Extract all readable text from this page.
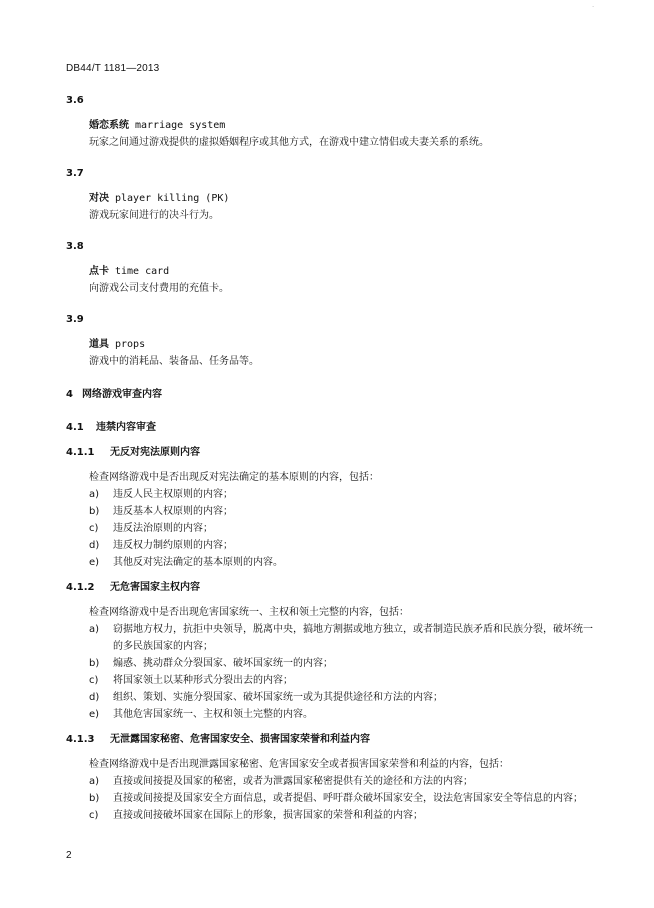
·
DB44/T 1181—2013
3.6
婚恋系统 marriage system
玩家之间通过游戏提供的虚拟婚姻程序或其他方式，在游戏中建立情侣或夫妻关系的系统。
3.7
对决 player killing (PK)
游戏玩家间进行的决斗行为。
3.8
点卡 time card
向游戏公司支付费用的充值卡。
3.9
道具 props
游戏中的消耗品、装备品、任务品等。
4 网络游戏审查内容
4.1 违禁内容审查
4.1.1 无反对宪法原则内容
检查网络游戏中是否出现反对宪法确定的基本原则的内容，包括：
a)	违反人民主权原则的内容；
b)	违反基本人权原则的内容；
c)	违反法治原则的内容；
d)	违反权力制约原则的内容；
e)	其他反对宪法确定的基本原则的内容。
4.1.2 无危害国家主权内容
检查网络游戏中是否出现危害国家统一、主权和领土完整的内容，包括：
a)	窃据地方权力，抗拒中央领导，脱离中央，搞地方割据或地方独立，或者制造民族矛盾和民族分裂，破坏统一的多民族国家的内容；
b)	煽惑、挑动群众分裂国家、破坏国家统一的内容；
c)	将国家领土以某种形式分裂出去的内容；
d)	组织、策划、实施分裂国家、破坏国家统一或为其提供途径和方法的内容；
e)	其他危害国家统一、主权和领土完整的内容。
4.1.3 无泄露国家秘密、危害国家安全、损害国家荣誉和利益内容
检查网络游戏中是否出现泄露国家秘密、危害国家安全或者损害国家荣誉和利益的内容，包括：
a)	直接或间接提及国家的秘密，或者为泄露国家秘密提供有关的途径和方法的内容；
b)	直接或间接提及国家安全方面信息，或者提倡、呼吁群众破坏国家安全，设法危害国家安全等信息的内容；
c)	直接或间接破坏国家在国际上的形象，损害国家的荣誉和利益的内容；
2
